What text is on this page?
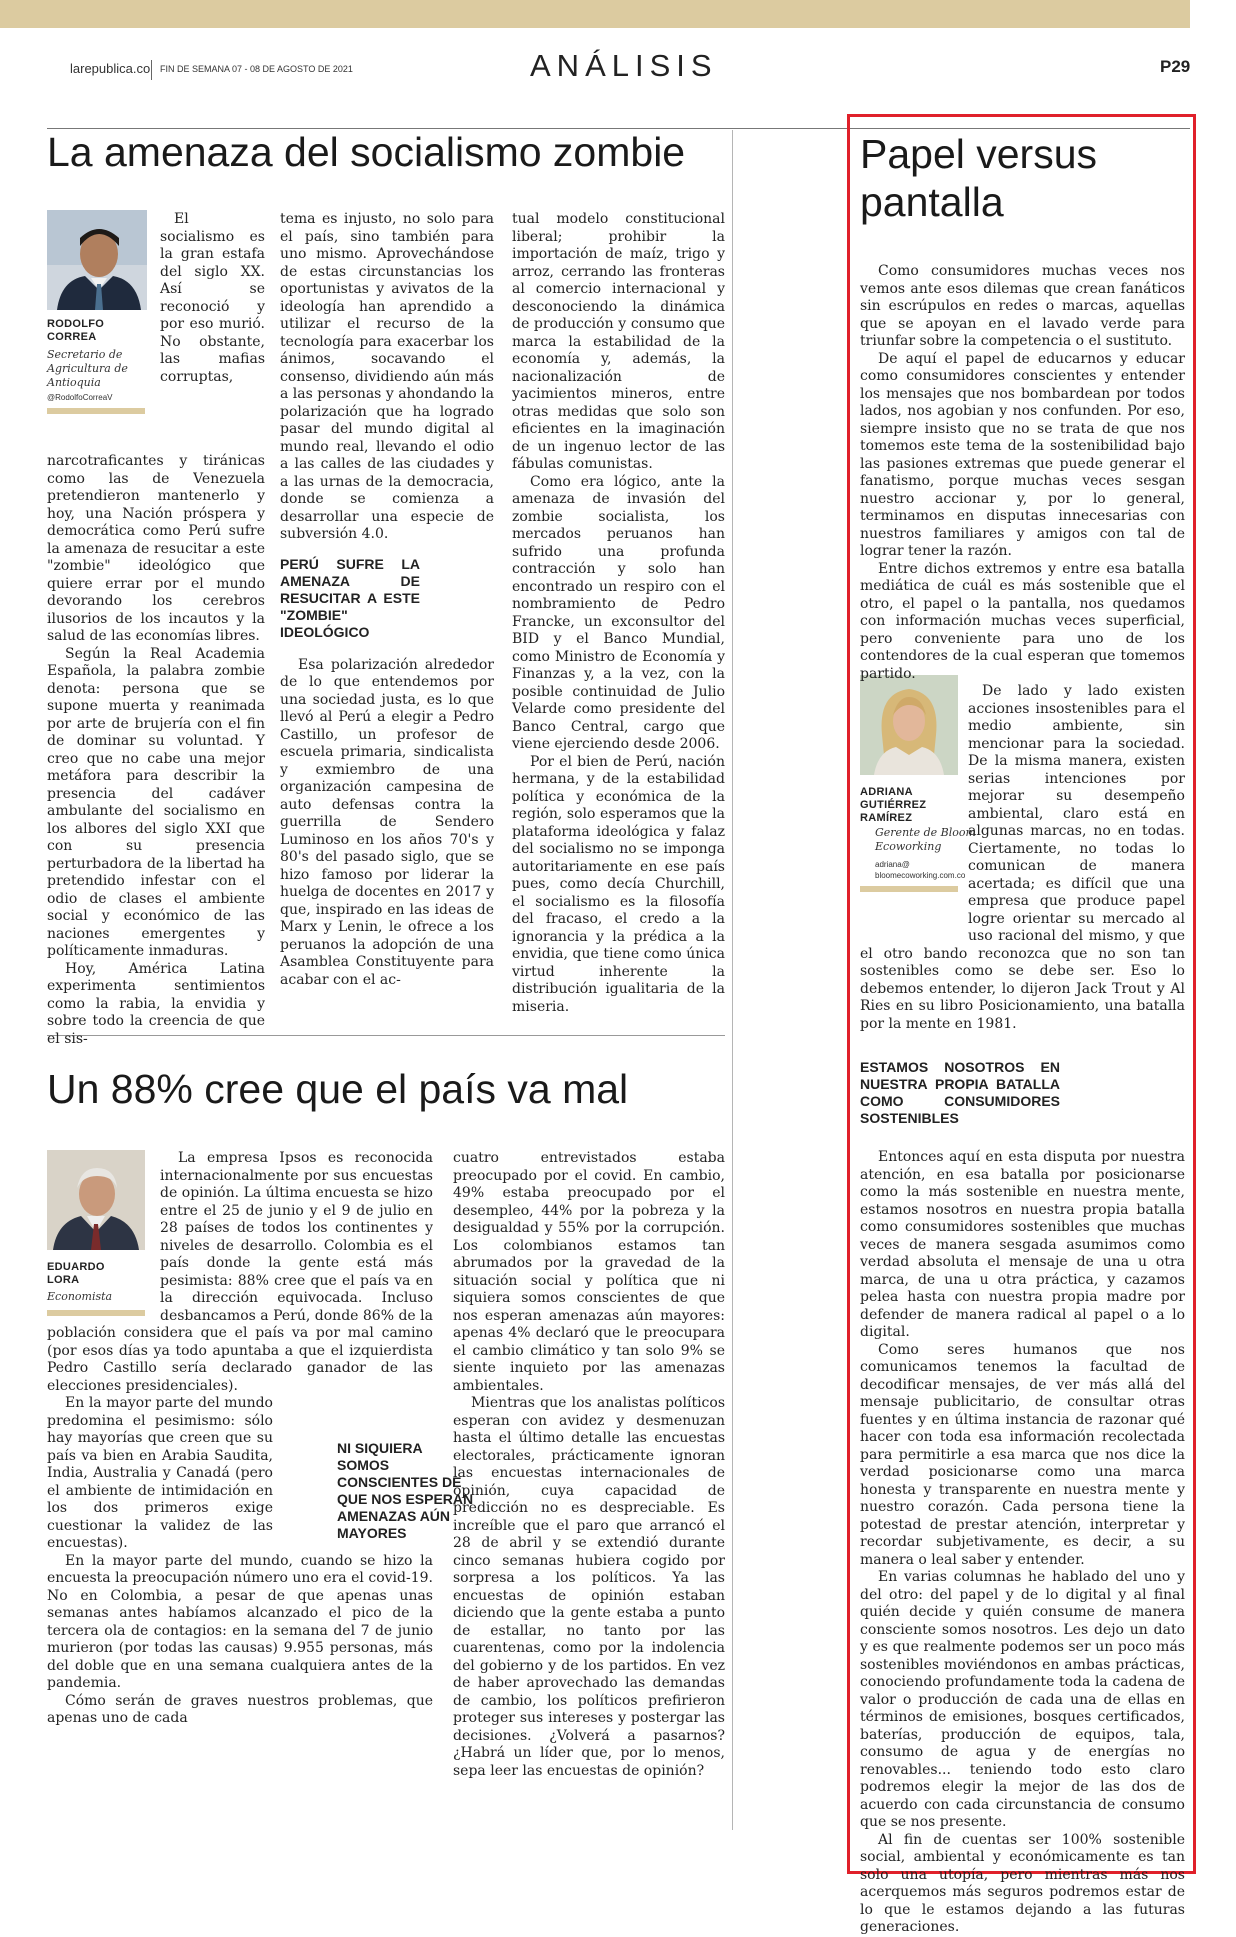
larepublica.co FIN DE SEMANA 07 - 08 DE AGOSTO DE 2021	ANÁLISIS	P29
La amenaza del socialismo zombie
RODOLFO
CORREA
Secretario de Agricultura de Antioquia
@RodolfoCorreaV

El socialismo es la gran estafa del siglo XX. Así se reconoció y por eso murió. No obstante, las mafias corruptas, narcotraficantes y tiránicas como las de Venezuela pretendieron mantenerlo y hoy, una Nación próspera y democrática como Perú sufre la amenaza de resucitar a este "zombie" ideológico que quiere errar por el mundo devorando los cerebros ilusorios de los incautos y la salud de las economías libres.

Según la Real Academia Española, la palabra zombie denota: persona que se supone muerta y reanimada por arte de brujería con el fin de dominar su voluntad. Y creo que no cabe una mejor metáfora para describir la presencia del cadáver ambulante del socialismo en los albores del siglo XXI que con su presencia perturbadora de la libertad ha pretendido infestar con el odio de clases el ambiente social y económico de las naciones emergentes y políticamente inmaduras.

Hoy, América Latina experimenta sentimientos como la rabia, la envidia y sobre todo la creencia de que el sis-

tema es injusto, no solo para el país, sino también para uno mismo. Aprovechándose de estas circunstancias los oportunistas y avivatos de la ideología han aprendido a utilizar el recurso de la tecnología para exacerbar los ánimos, socavando el consenso, dividiendo aún más a las personas y ahondando la polarización que ha logrado pasar del mundo digital al mundo real, llevando el odio a las calles de las ciudades y a las urnas de la democracia, donde se comienza a desarrollar una especie de subversión 4.0.

PERÚ SUFRE LA AMENAZA DE RESUCITAR A ESTE "ZOMBIE" IDEOLÓGICO

Esa polarización alrededor de lo que entendemos por una sociedad justa, es lo que llevó al Perú a elegir a Pedro Castillo, un profesor de escuela primaria, sindicalista y exmiembro de una organización campesina de auto defensas contra la guerrilla de Sendero Luminoso en los años 70's y 80's del pasado siglo, que se hizo famoso por liderar la huelga de docentes en 2017 y que, inspirado en las ideas de Marx y Lenin, le ofrece a los peruanos la adopción de una Asamblea Constituyente para acabar con el ac-

tual modelo constitucional liberal; prohibir la importación de maíz, trigo y arroz, cerrando las fronteras al comercio internacional y desconociendo la dinámica de producción y consumo que marca la estabilidad de la economía y, además, la nacionalización de yacimientos mineros, entre otras medidas que solo son eficientes en la imaginación de un ingenuo lector de las fábulas comunistas.

Como era lógico, ante la amenaza de invasión del zombie socialista, los mercados peruanos han sufrido una profunda contracción y solo han encontrado un respiro con el nombramiento de Pedro Francke, un exconsultor del BID y el Banco Mundial, como Ministro de Economía y Finanzas y, a la vez, con la posible continuidad de Julio Velarde como presidente del Banco Central, cargo que viene ejerciendo desde 2006.

Por el bien de Perú, nación hermana, y de la estabilidad política y económica de la región, solo esperamos que la plataforma ideológica y falaz del socialismo no se imponga autoritariamente en ese país pues, como decía Churchill, el socialismo es la filosofía del fracaso, el credo a la ignorancia y la prédica a la envidia, que tiene como única virtud inherente la distribución igualitaria de la miseria.

Un 88% cree que el país va mal
EDUARDO
LORA
Economista

La empresa Ipsos es reconocida internacionalmente por sus encuestas de opinión. La última encuesta se hizo entre el 25 de junio y el 9 de julio en 28 países de todos los continentes y niveles de desarrollo. Colombia es el país donde la gente está más pesimista: 88% cree que el país va en la dirección equivocada. Incluso desbancamos a Perú, donde 86% de la población considera que el país va por mal camino (por esos días ya todo apuntaba a que el izquierdista Pedro Castillo sería declarado ganador de las elecciones presidenciales).

En la mayor parte del mundo predomina el pesimismo: sólo hay mayorías que creen que su país va bien en Arabia Saudita, India, Australia y Canadá (pero el ambiente de intimidación en los dos primeros exige cuestionar la validez de las encuestas).

En la mayor parte del mundo, cuando se hizo la encuesta la preocupación número uno era el covid-19. No en Colombia, a pesar de que apenas unas semanas antes habíamos alcanzado el pico de la tercera ola de contagios: en la semana del 7 de junio murieron (por todas las causas) 9.955 personas, más del doble que en una semana cualquiera antes de la pandemia.

Cómo serán de graves nuestros problemas, que apenas uno de cada

NI SIQUIERA SOMOS CONSCIENTES DE QUE NOS ESPERAN AMENAZAS AÚN MAYORES

cuatro entrevistados estaba preocupado por el covid. En cambio, 49% estaba preocupado por el desempleo, 44% por la pobreza y la desigualdad y 55% por la corrupción. Los colombianos estamos tan abrumados por la gravedad de la situación social y política que ni siquiera somos conscientes de que nos esperan amenazas aún mayores: apenas 4% declaró que le preocupara el cambio climático y tan solo 9% se siente inquieto por las amenazas ambientales.

Mientras que los analistas políticos esperan con avidez y desmenuzan hasta el último detalle las encuestas electorales, prácticamente ignoran las encuestas internacionales de opinión, cuya capacidad de predicción no es despreciable. Es increíble que el paro que arrancó el 28 de abril y se extendió durante cinco semanas hubiera cogido por sorpresa a los políticos. Ya las encuestas de opinión estaban diciendo que la gente estaba a punto de estallar, no tanto por las cuarentenas, como por la indolencia del gobierno y de los partidos. En vez de haber aprovechado las demandas de cambio, los políticos prefirieron proteger sus intereses y postergar las decisiones. ¿Volverá a pasarnos? ¿Habrá un líder que, por lo menos, sepa leer las encuestas de opinión?

Papel versus
pantalla
ADRIANA
GUTIÉRREZ
RAMÍREZ
Gerente de Bloom
Ecoworking
adriana@
bloomecoworking.com.co

Como consumidores muchas veces nos vemos ante esos dilemas que crean fanáticos sin escrúpulos en redes o marcas, aquellas que se apoyan en el lavado verde para triunfar sobre la competencia o el sustituto.

De aquí el papel de educarnos y educar como consumidores conscientes y entender los mensajes que nos bombardean por todos lados, nos agobian y nos confunden. Por eso, siempre insisto que no se trata de que nos tomemos este tema de la sostenibilidad bajo las pasiones extremas que puede generar el fanatismo, porque muchas veces sesgan nuestro accionar y, por lo general, terminamos en disputas innecesarias con nuestros familiares y amigos con tal de lograr tener la razón.

Entre dichos extremos y entre esa batalla mediática de cuál es más sostenible que el otro, el papel o la pantalla, nos quedamos con información muchas veces superficial, pero conveniente para uno de los contendores de la cual esperan que tomemos partido.

De lado y lado existen acciones insostenibles para el medio ambiente, sin mencionar para la sociedad. De la misma manera, existen serias intenciones por mejorar su desempeño ambiental, claro está en algunas marcas, no en todas. Ciertamente, no todas lo comunican de manera acertada; es difícil que una empresa que produce papel logre orientar su mercado al uso racional del mismo, y que el otro bando reconozca que no son tan sostenibles como se debe ser. Eso lo debemos entender, lo dijeron Jack Trout y Al Ries en su libro Posicionamiento, una batalla por la mente en 1981.

ESTAMOS NOSOTROS EN NUESTRA PROPIA BATALLA COMO CONSUMIDORES SOSTENIBLES

Entonces aquí en esta disputa por nuestra atención, en esa batalla por posicionarse como la más sostenible en nuestra mente, estamos nosotros en nuestra propia batalla como consumidores sostenibles que muchas veces de manera sesgada asumimos como verdad absoluta el mensaje de una u otra marca, de una u otra práctica, y cazamos pelea hasta con nuestra propia madre por defender de manera radical al papel o a lo digital.

Como seres humanos que nos comunicamos tenemos la facultad de decodificar mensajes, de ver más allá del mensaje publicitario, de consultar otras fuentes y en última instancia de razonar qué hacer con toda esa información recolectada para permitirle a esa marca que nos dice la verdad posicionarse como una marca honesta y transparente en nuestra mente y nuestro corazón. Cada persona tiene la potestad de prestar atención, interpretar y recordar subjetivamente, es decir, a su manera o leal saber y entender.

En varias columnas he hablado del uno y del otro: del papel y de lo digital y al final quién decide y quién consume de manera consciente somos nosotros. Les dejo un dato y es que realmente podemos ser un poco más sostenibles moviéndonos en ambas prácticas, conociendo profundamente toda la cadena de valor o producción de cada una de ellas en términos de emisiones, bosques certificados, baterías, producción de equipos, tala, consumo de agua y de energías no renovables... teniendo todo esto claro podremos elegir la mejor de las dos de acuerdo con cada circunstancia de consumo que se nos presente.

Al fin de cuentas ser 100% sostenible social, ambiental y económicamente es tan solo una utopía, pero mientras más nos acerquemos más seguros podremos estar de lo que le estamos dejando a las futuras generaciones.
